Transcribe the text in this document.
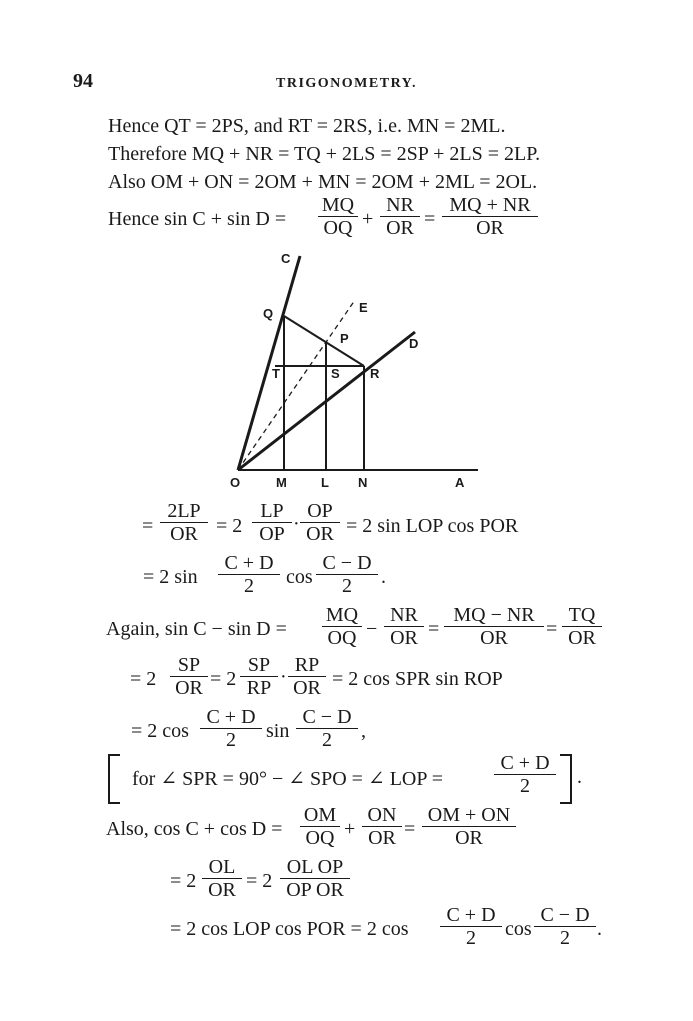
94	TRIGONOMETRY.
Hence QT = 2PS, and RT = 2RS, i.e. MN = 2ML.
Therefore MQ + NR = TQ + 2LS = 2SP + 2LS = 2LP.
Also OM + ON = 2OM + MN = 2OM + 2ML = 2OL.
Hence sin C + sin D =
MQ
OQ +
NR
OR =
MQ + NR
OR
C
Q	E
P	D
T	S R
O	M	L N	A
=
2LP
OR = 2
LP
OP ·
OP
OR = 2 sin LOP cos POR
= 2 sin
C + D
2	cos
C − D
2	.
Again, sin C − sin D =
MQ
OQ −
NR
OR =
MQ − NR
OR	=
TQ
OR
= 2
SP
OR = 2
SP
RP ·
RP
OR = 2 cos SPR sin ROP
= 2 cos
C + D
2	sin
C − D
2	,
for ∠ SPR = 90° − ∠ SPO = ∠ LOP =
C + D
2	.
Also, cos C + cos D =
OM
OQ +
ON
OR =
OM + ON
OR
= 2
OL
OR = 2
OL OP
OP OR
= 2 cos LOP cos POR = 2 cos
C + D
2	cos
C − D
2	.
